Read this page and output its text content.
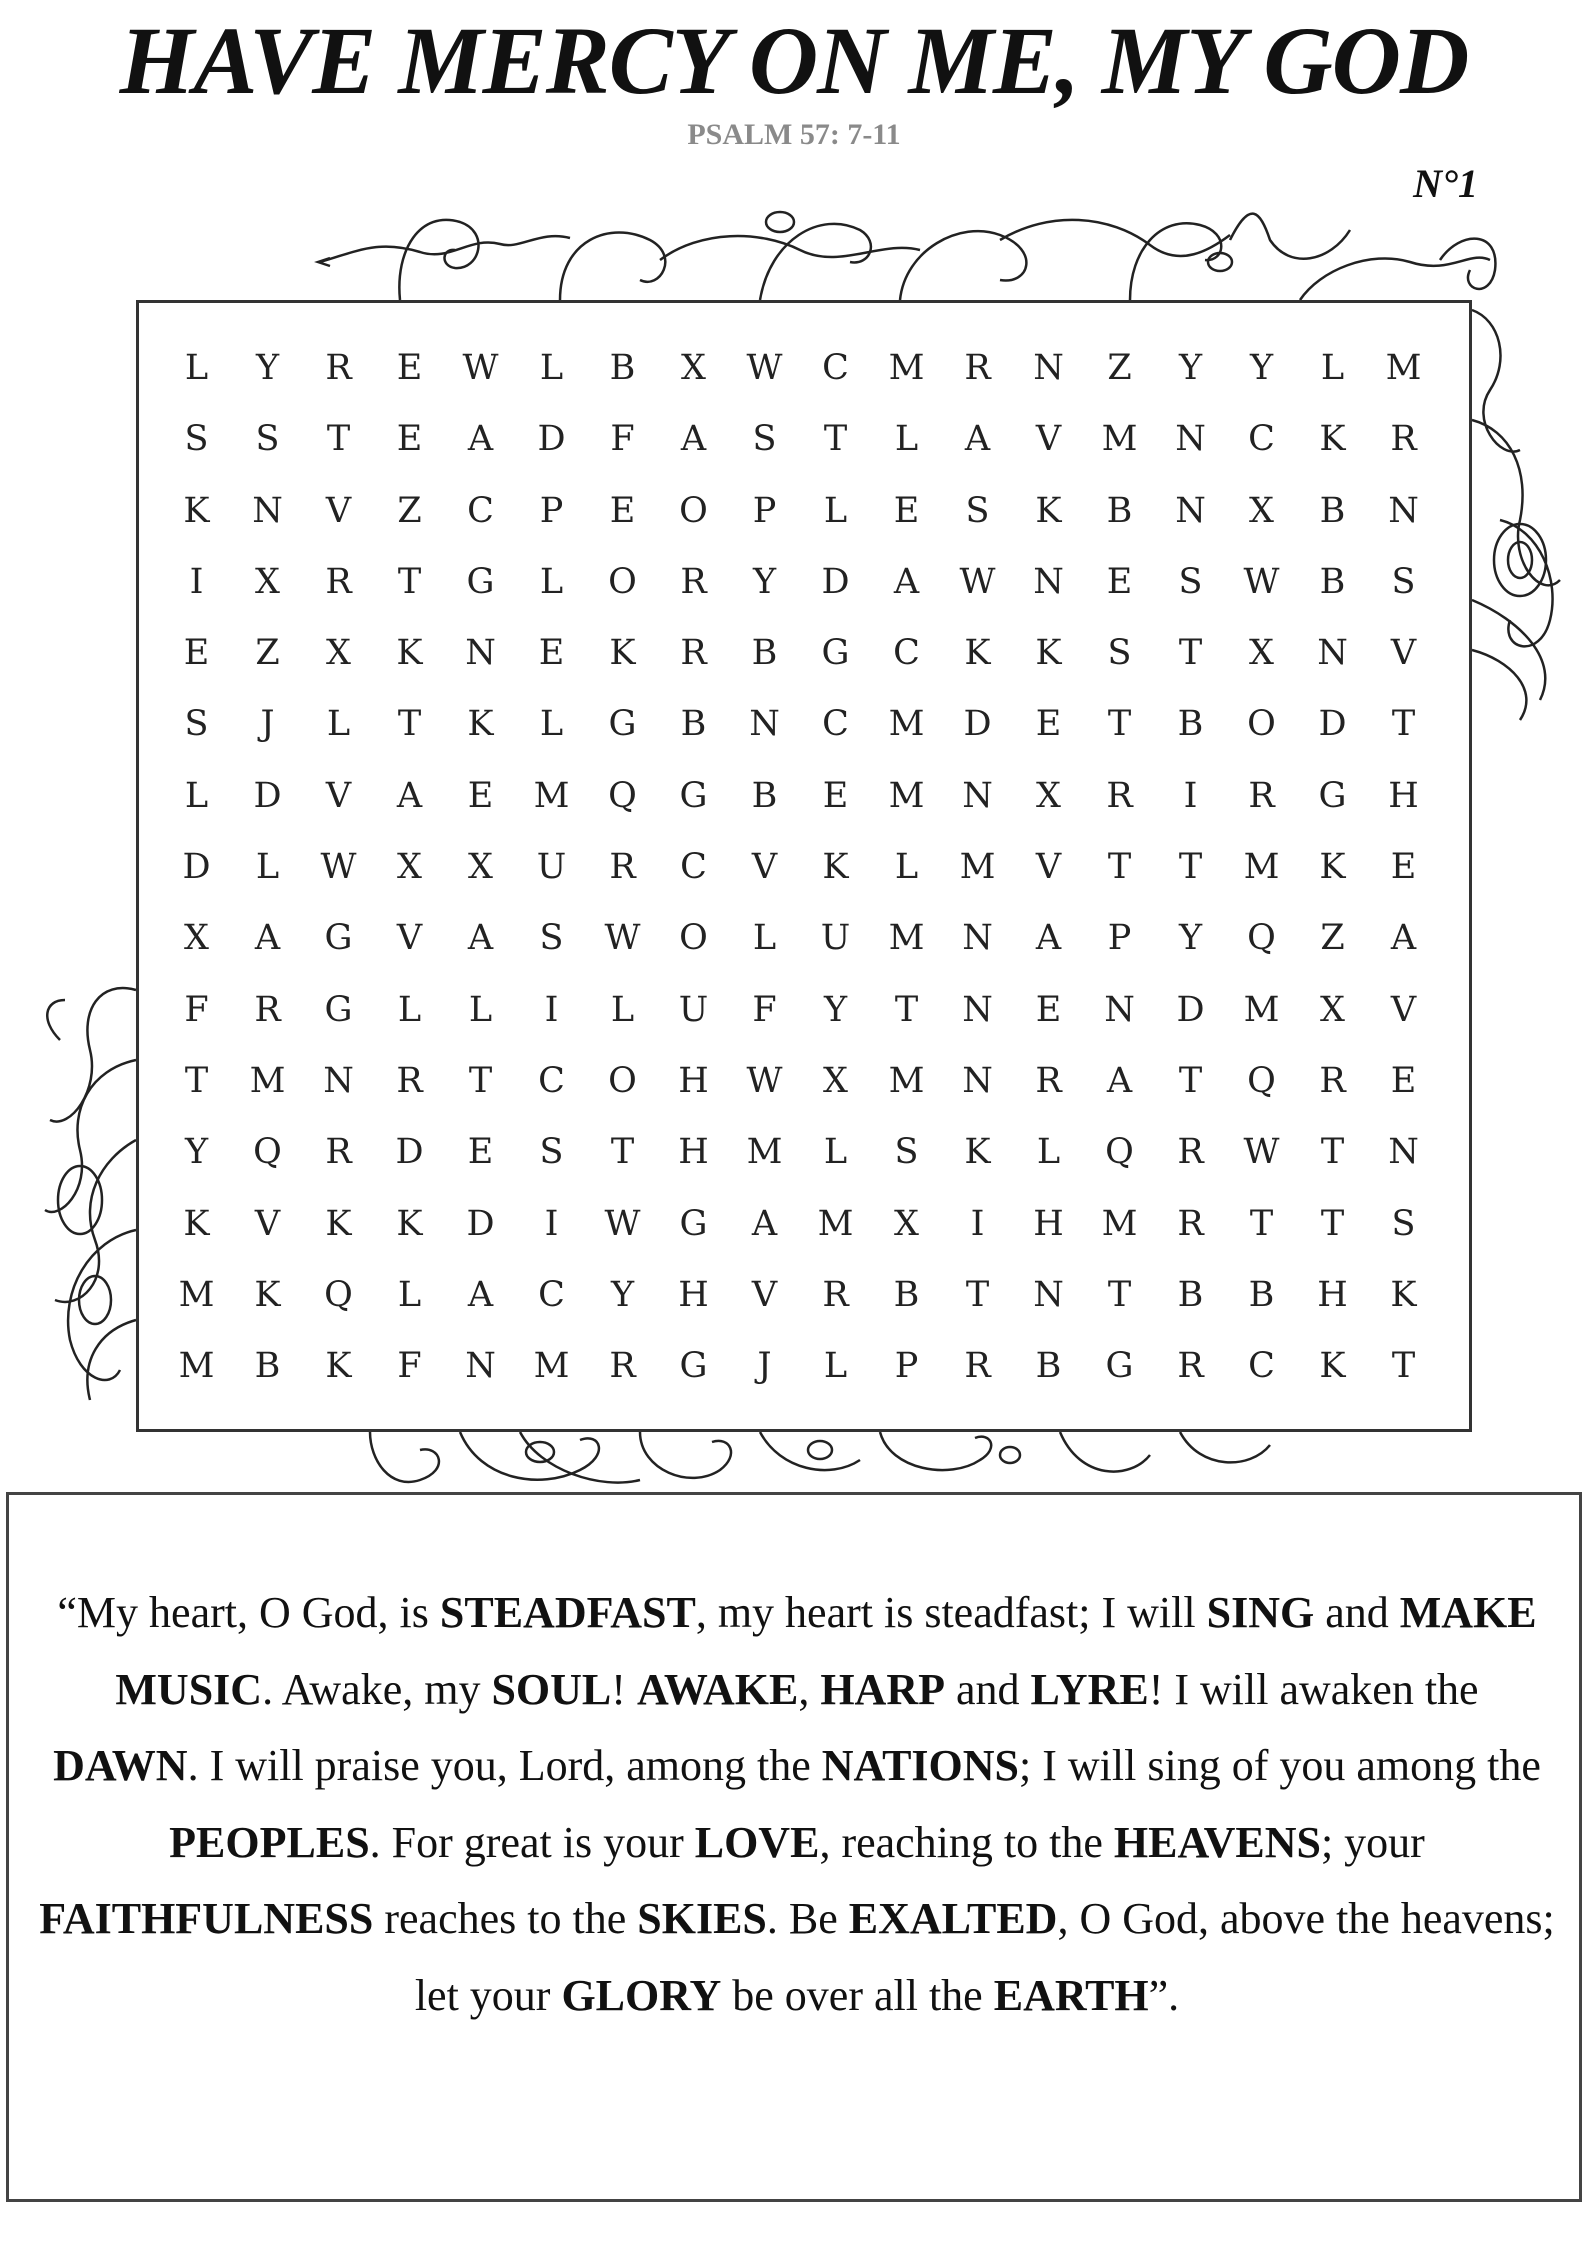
HAVE MERCY ON ME, MY GOD
PSALM 57: 7-11
N°1
L	Y	R	E	W	L	B	X	W	C	M	R	N	Z	Y	Y	L	M
S	S	T	E	A	D	F	A	S	T	L	A	V	M	N	C	K	R
K	N	V	Z	C	P	E	O	P	L	E	S	K	B	N	X	B	N
I	X	R	T	G	L	O	R	Y	D	A	W	N	E	S	W	B	S
E	Z	X	K	N	E	K	R	B	G	C	K	K	S	T	X	N	V
S	J	L	T	K	L	G	B	N	C	M	D	E	T	B	O	D	T
L	D	V	A	E	M	Q	G	B	E	M	N	X	R	I	R	G	H
D	L	W	X	X	U	R	C	V	K	L	M	V	T	T	M	K	E
X	A	G	V	A	S	W	O	L	U	M	N	A	P	Y	Q	Z	A
F	R	G	L	L	I	L	U	F	Y	T	N	E	N	D	M	X	V
T	M	N	R	T	C	O	H	W	X	M	N	R	A	T	Q	R	E
Y	Q	R	D	E	S	T	H	M	L	S	K	L	Q	R	W	T	N
K	V	K	K	D	I	W	G	A	M	X	I	H	M	R	T	T	S
M	K	Q	L	A	C	Y	H	V	R	B	T	N	T	B	B	H	K
M	B	K	F	N	M	R	G	J	L	P	R	B	G	R	C	K	T

“My heart, O God, is STEADFAST, my heart is steadfast; I will SING and MAKE MUSIC. Awake, my SOUL! AWAKE, HARP and LYRE! I will awaken the DAWN. I will praise you, Lord, among the NATIONS; I will sing of you among the PEOPLES. For great is your LOVE, reaching to the HEAVENS; your FAITHFULNESS reaches to the SKIES. Be EXALTED, O God, above the heavens; let your GLORY be over all the EARTH”.
